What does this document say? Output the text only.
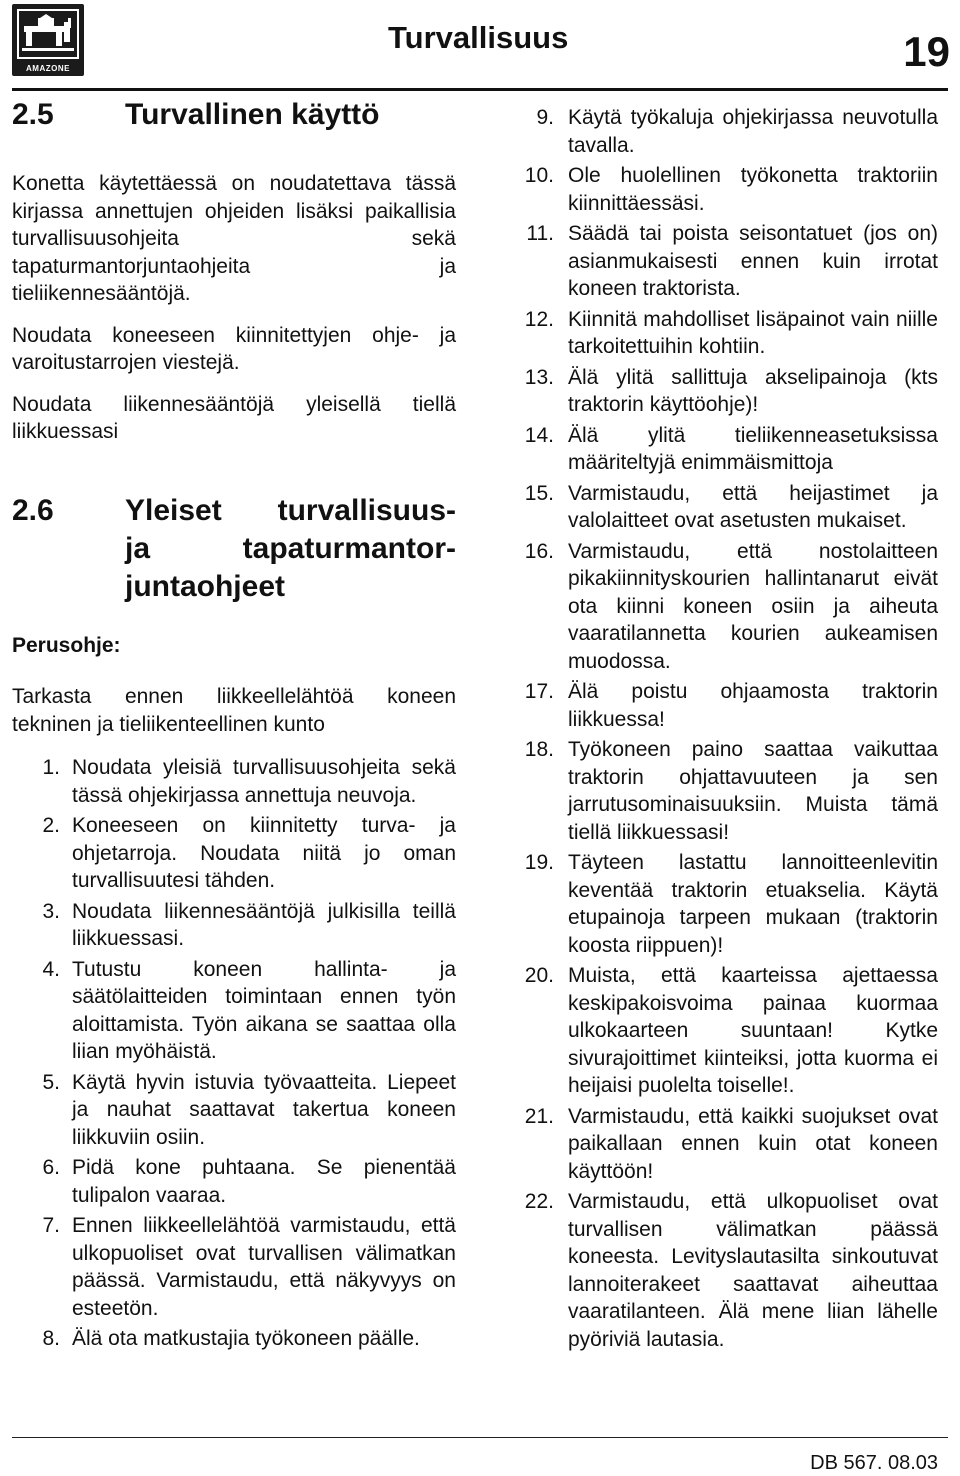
AMAZONE
Turvallisuus	19
2.5	Turvallinen käyttö

Konetta käytettäessä on noudatettava tässä kirjassa annettujen ohjeiden lisäksi paikallisia turvallisuusohjeita sekä tapaturmantorjuntaohjeita ja tieliikennesääntöjä.

Noudata koneeseen kiinnitettyjen ohje- ja varoitustarrojen viestejä.

Noudata liikennesääntöjä yleisellä tiellä liikkuessasi

2.6	Yleiset turvallisuus-
ja tapaturmantor-
juntaohjeet

Perusohje:

Tarkasta ennen liikkeellelähtöä koneen tekninen ja tieliikenteellinen kunto

1. Noudata yleisiä turvallisuusohjeita sekä tässä ohjekirjassa annettuja neuvoja.
2. Koneeseen on kiinnitetty turva- ja ohjetarroja. Noudata niitä jo oman turvallisuutesi tähden.
3. Noudata liikennesääntöjä julkisilla teillä liikkuessasi.
4. Tutustu koneen hallinta- ja säätölaitteiden toimintaan ennen työn aloittamista. Työn aikana se saattaa olla liian myöhäistä.
5. Käytä hyvin istuvia työvaatteita. Liepeet ja nauhat saattavat takertua koneen liikkuviin osiin.
6. Pidä kone puhtaana. Se pienentää tulipalon vaaraa.
7. Ennen liikkeellelähtöä varmistaudu, että ulkopuoliset ovat turvallisen välimatkan päässä. Varmistaudu, että näkyvyys on esteetön.
8. Älä ota matkustajia työkoneen päälle.
9. Käytä työkaluja ohjekirjassa neuvotulla tavalla.
10. Ole huolellinen työkonetta traktoriin kiinnittäessäsi.
11. Säädä tai poista seisontatuet (jos on) asianmukaisesti ennen kuin irrotat koneen traktorista.
12. Kiinnitä mahdolliset lisäpainot vain niille tarkoitettuihin kohtiin.
13. Älä ylitä sallittuja akselipainoja (kts traktorin käyttöohje)!
14. Älä ylitä tieliikenneasetuksissa määriteltyjä enimmäismittoja
15. Varmistaudu, että heijastimet ja valolaitteet ovat asetusten mukaiset.
16. Varmistaudu, että nostolaitteen pikakiinnityskourien hallintanarut eivät ota kiinni koneen osiin ja aiheuta vaaratilannetta kourien aukeamisen muodossa.
17. Älä poistu ohjaamosta traktorin liikkuessa!
18. Työkoneen paino saattaa vaikuttaa traktorin ohjattavuuteen ja sen jarrutusominaisuuksiin. Muista tämä tiellä liikkuessasi!
19. Täyteen lastattu lannoitteenlevitin keventää traktorin etuakselia. Käytä etupainoja tarpeen mukaan (traktorin koosta riippuen)!
20. Muista, että kaarteissa ajettaessa keskipakoisvoima painaa kuormaa ulkokaarteen suuntaan! Kytke sivurajoittimet kiinteiksi, jotta kuorma ei heijaisi puolelta toiselle!.
21. Varmistaudu, että kaikki suojukset ovat paikallaan ennen kuin otat koneen käyttöön!
22. Varmistaudu, että ulkopuoliset ovat turvallisen välimatkan päässä koneesta. Levityslautasilta sinkoutuvat lannoiterakeet saattavat aiheuttaa vaaratilanteen. Älä mene liian lähelle pyöriviä lautasia.
DB 567. 08.03
